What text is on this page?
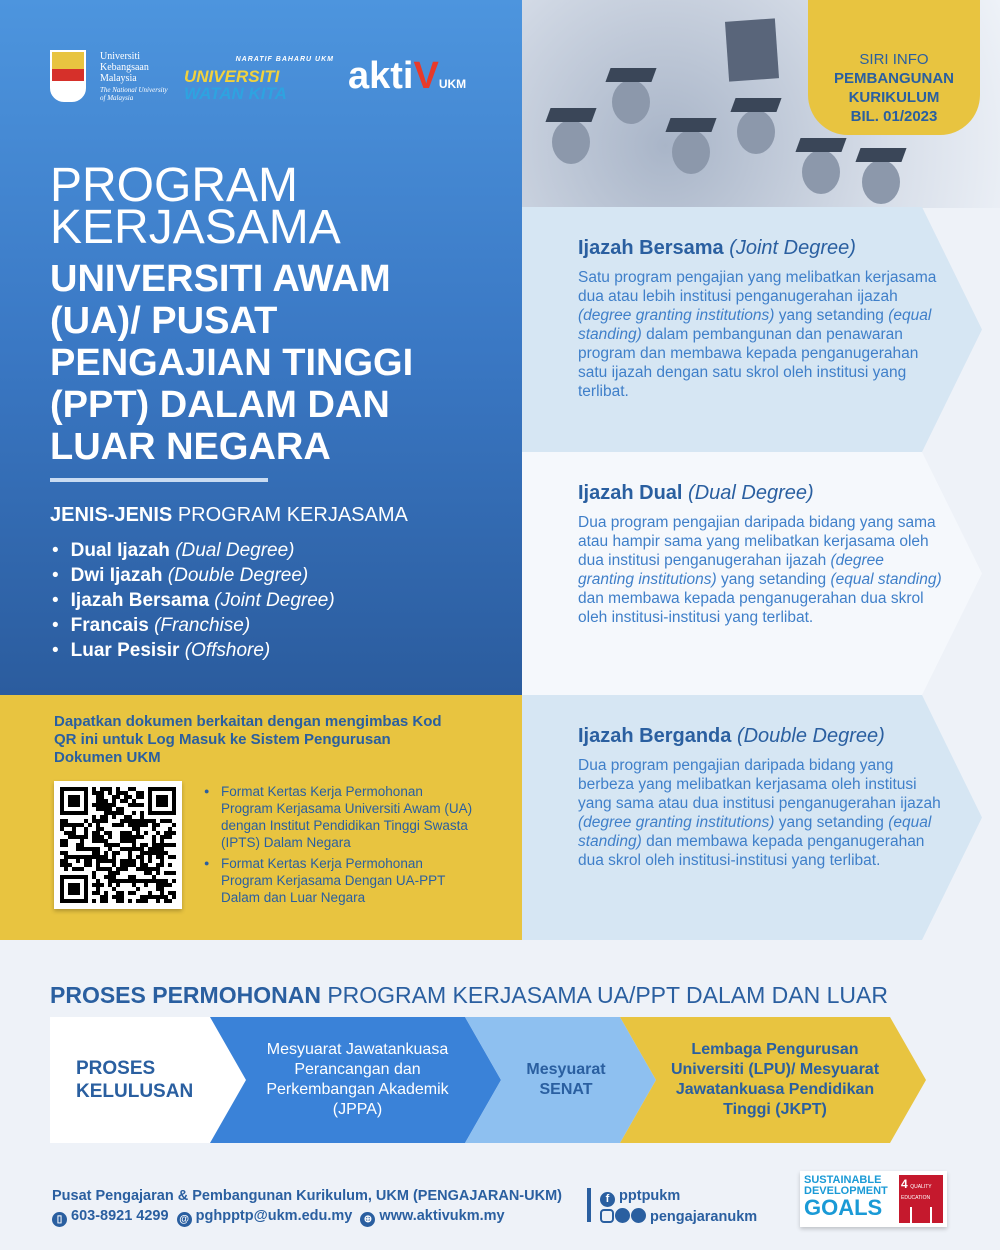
Universiti
Kebangsaan
Malaysia
The National University of Malaysia
NARATIF BAHARU UKM
UNIVERSITI
WATAN KITA	aktiVUKM
PROGRAM KERJASAMA
UNIVERSITI AWAM (UA)/ PUSAT PENGAJIAN TINGGI (PPT) DALAM DAN LUAR NEGARA
JENIS-JENIS PROGRAM KERJASAMA
• Dual Ijazah (Dual Degree)
• Dwi Ijazah (Double Degree)
• Ijazah Bersama (Joint Degree)
• Francais (Franchise)
• Luar Pesisir (Offshore)
SIRI INFO
PEMBANGUNAN
KURIKULUM
BIL. 01/2023
Ijazah Bersama (Joint Degree)
Satu program pengajian yang melibatkan kerjasama dua atau lebih institusi penganugerahan ijazah (degree granting institutions) yang setanding (equal standing) dalam pembangunan dan penawaran program dan membawa kepada penganugerahan satu ijazah dengan satu skrol oleh institusi yang terlibat.
Ijazah Dual (Dual Degree)
Dua program pengajian daripada bidang yang sama atau hampir sama yang melibatkan kerjasama oleh dua institusi penganugerahan ijazah (degree granting institutions) yang setanding (equal standing) dan membawa kepada penganugerahan dua skrol oleh institusi-institusi yang terlibat.
Ijazah Berganda (Double Degree)
Dua program pengajian daripada bidang yang berbeza yang melibatkan kerjasama oleh institusi yang sama atau dua institusi penganugerahan ijazah (degree granting institutions) yang setanding (equal standing) dan membawa kepada penganugerahan dua skrol oleh institusi-institusi yang terlibat.
Dapatkan dokumen berkaitan dengan mengimbas Kod QR ini untuk Log Masuk ke Sistem Pengurusan Dokumen UKM
● Format Kertas Kerja Permohonan Program Kerjasama Universiti Awam (UA) dengan Institut Pendidikan Tinggi Swasta (IPTS) Dalam Negara
● Format Kertas Kerja Permohonan Program Kerjasama Dengan UA-PPT Dalam dan Luar Negara
PROSES PERMOHONAN PROGRAM KERJASAMA UA/PPT DALAM DAN LUAR
PROSES KELULUSAN
Mesyuarat Jawatankuasa Perancangan dan Perkembangan Akademik (JPPA)
Mesyuarat SENAT
Lembaga Pengurusan Universiti (LPU)/ Mesyuarat Jawatankuasa Pendidikan Tinggi (JKPT)
Pusat Pengajaran & Pembangunan Kurikulum, UKM (PENGAJARAN-UKM)
▯ 603-8921 4299 @ pghpptp@ukm.edu.my ⊕ www.aktivukm.my
f pptpukm
pengajaranukm
SUSTAINABLE
DEVELOPMENT
GOALS
4 QUALITY EDUCATION
